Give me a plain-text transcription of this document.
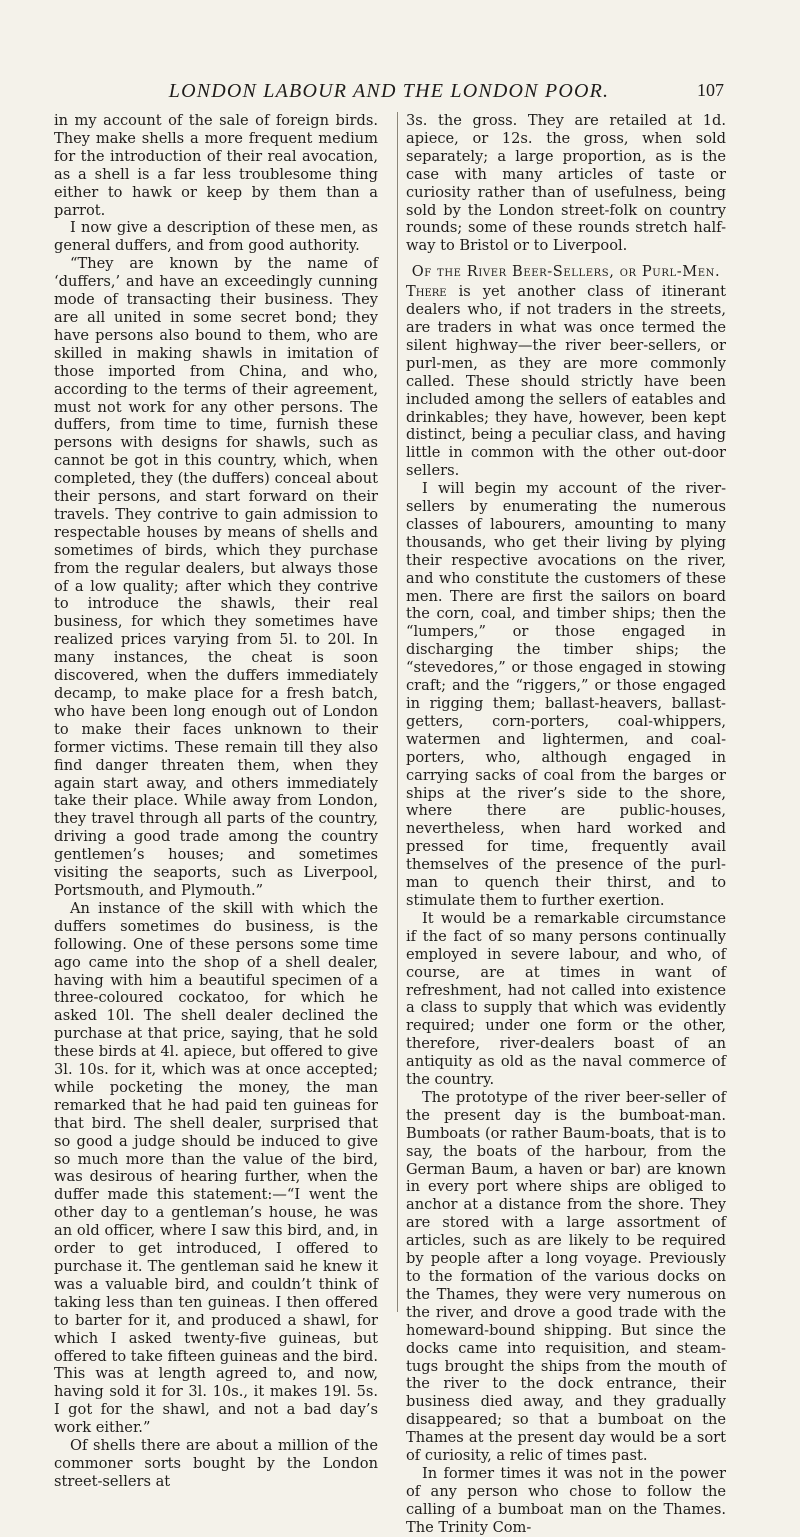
LONDON LABOUR AND THE LONDON POOR.	107

in my account of the sale of foreign birds. They make shells a more frequent medium for the introduction of their real avocation, as a shell is a far less troublesome thing either to hawk or keep by them than a parrot.

I now give a description of these men, as general duffers, and from good authority.

“They are known by the name of ‘duffers,’ and have an exceedingly cunning mode of transacting their business. They are all united in some secret bond; they have persons also bound to them, who are skilled in making shawls in imitation of those imported from China, and who, according to the terms of their agreement, must not work for any other persons. The duffers, from time to time, furnish these persons with designs for shawls, such as cannot be got in this country, which, when completed, they (the duffers) conceal about their persons, and start forward on their travels. They contrive to gain admission to respectable houses by means of shells and sometimes of birds, which they purchase from the regular dealers, but always those of a low quality; after which they contrive to introduce the shawls, their real business, for which they sometimes have realized prices varying from 5l. to 20l. In many instances, the cheat is soon discovered, when the duffers immediately decamp, to make place for a fresh batch, who have been long enough out of London to make their faces unknown to their former victims. These remain till they also find danger threaten them, when they again start away, and others immediately take their place. While away from London, they travel through all parts of the country, driving a good trade among the country gentlemen’s houses; and sometimes visiting the seaports, such as Liverpool, Portsmouth, and Plymouth.”

An instance of the skill with which the duffers sometimes do business, is the following. One of these persons some time ago came into the shop of a shell dealer, having with him a beautiful specimen of a three-coloured cockatoo, for which he asked 10l. The shell dealer declined the purchase at that price, saying, that he sold these birds at 4l. apiece, but offered to give 3l. 10s. for it, which was at once accepted; while pocketing the money, the man remarked that he had paid ten guineas for that bird. The shell dealer, surprised that so good a judge should be induced to give so much more than the value of the bird, was desirous of hearing further, when the duffer made this statement:—“I went the other day to a gentleman’s house, he was an old officer, where I saw this bird, and, in order to get introduced, I offered to purchase it. The gentleman said he knew it was a valuable bird, and couldn’t think of taking less than ten guineas. I then offered to barter for it, and produced a shawl, for which I asked twenty-five guineas, but offered to take fifteen guineas and the bird. This was at length agreed to, and now, having sold it for 3l. 10s., it makes 19l. 5s. I got for the shawl, and not a bad day’s work either.”

Of shells there are about a million of the commoner sorts bought by the London street-sellers at

3s. the gross. They are retailed at 1d. apiece, or 12s. the gross, when sold separately; a large proportion, as is the case with many articles of taste or curiosity rather than of usefulness, being sold by the London street-folk on country rounds; some of these rounds stretch half-way to Bristol or to Liverpool.

Of the River Beer-Sellers, or Purl-Men.

There is yet another class of itinerant dealers who, if not traders in the streets, are traders in what was once termed the silent highway—the river beer-sellers, or purl-men, as they are more commonly called. These should strictly have been included among the sellers of eatables and drinkables; they have, however, been kept distinct, being a peculiar class, and having little in common with the other out-door sellers.

I will begin my account of the river-sellers by enumerating the numerous classes of labourers, amounting to many thousands, who get their living by plying their respective avocations on the river, and who constitute the customers of these men. There are first the sailors on board the corn, coal, and timber ships; then the “lumpers,” or those engaged in discharging the timber ships; the “stevedores,” or those engaged in stowing craft; and the “riggers,” or those engaged in rigging them; ballast-heavers, ballast-getters, corn-porters, coal-whippers, watermen and lightermen, and coal-porters, who, although engaged in carrying sacks of coal from the barges or ships at the river’s side to the shore, where there are public-houses, nevertheless, when hard worked and pressed for time, frequently avail themselves of the presence of the purl-man to quench their thirst, and to stimulate them to further exertion.

It would be a remarkable circumstance if the fact of so many persons continually employed in severe labour, and who, of course, are at times in want of refreshment, had not called into existence a class to supply that which was evidently required; under one form or the other, therefore, river-dealers boast of an antiquity as old as the naval commerce of the country.

The prototype of the river beer-seller of the present day is the bumboat-man. Bumboats (or rather Baum-boats, that is to say, the boats of the harbour, from the German Baum, a haven or bar) are known in every port where ships are obliged to anchor at a distance from the shore. They are stored with a large assortment of articles, such as are likely to be required by people after a long voyage. Previously to the formation of the various docks on the Thames, they were very numerous on the river, and drove a good trade with the homeward-bound shipping. But since the docks came into requisition, and steam-tugs brought the ships from the mouth of the river to the dock entrance, their business died away, and they gradually disappeared; so that a bumboat on the Thames at the present day would be a sort of curiosity, a relic of times past.

In former times it was not in the power of any person who chose to follow the calling of a bumboat man on the Thames. The Trinity Com-
